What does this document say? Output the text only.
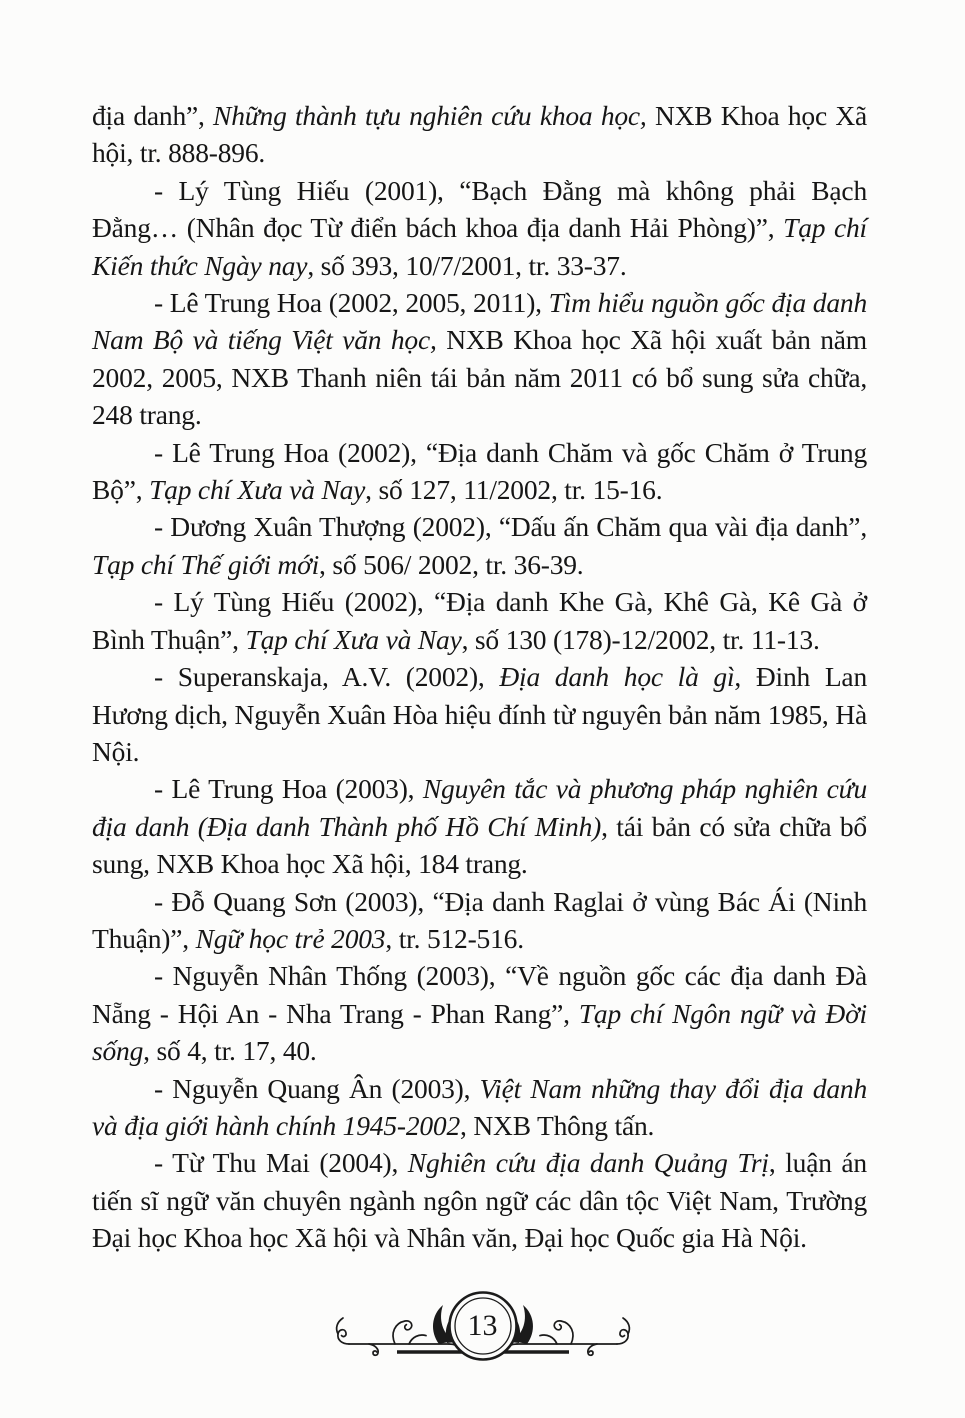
địa danh”, Những thành tựu nghiên cứu khoa học, NXB Khoa học Xã hội, tr. 888-896.

- Lý Tùng Hiếu (2001), “Bạch Đằng mà không phải Bạch Đằng… (Nhân đọc Từ điển bách khoa địa danh Hải Phòng)”, Tạp chí Kiến thức Ngày nay, số 393, 10/7/2001, tr. 33-37.

- Lê Trung Hoa (2002, 2005, 2011), Tìm hiểu nguồn gốc địa danh Nam Bộ và tiếng Việt văn học, NXB Khoa học Xã hội xuất bản năm 2002, 2005, NXB Thanh niên tái bản năm 2011 có bổ sung sửa chữa, 248 trang.

- Lê Trung Hoa (2002), “Địa danh Chăm và gốc Chăm ở Trung Bộ”, Tạp chí Xưa và Nay, số 127, 11/2002, tr. 15-16.

- Dương Xuân Thượng (2002), “Dấu ấn Chăm qua vài địa danh”, Tạp chí Thế giới mới, số 506/ 2002, tr. 36-39.

- Lý Tùng Hiếu (2002), “Địa danh Khe Gà, Khê Gà, Kê Gà ở Bình Thuận”, Tạp chí Xưa và Nay, số 130 (178)-12/2002, tr. 11-13.

- Superanskaja, A.V. (2002), Địa danh học là gì, Đinh Lan Hương dịch, Nguyễn Xuân Hòa hiệu đính từ nguyên bản năm 1985, Hà Nội.

- Lê Trung Hoa (2003), Nguyên tắc và phương pháp nghiên cứu địa danh (Địa danh Thành phố Hồ Chí Minh), tái bản có sửa chữa bổ sung, NXB Khoa học Xã hội, 184 trang.

- Đỗ Quang Sơn (2003), “Địa danh Raglai ở vùng Bác Ái (Ninh Thuận)”, Ngữ học trẻ 2003, tr. 512-516.

- Nguyễn Nhân Thống (2003), “Về nguồn gốc các địa danh Đà Nẵng - Hội An - Nha Trang - Phan Rang”, Tạp chí Ngôn ngữ và Đời sống, số 4, tr. 17, 40.

- Nguyễn Quang Ân (2003), Việt Nam những thay đổi địa danh và địa giới hành chính 1945-2002, NXB Thông tấn.

- Từ Thu Mai (2004), Nghiên cứu địa danh Quảng Trị, luận án tiến sĩ ngữ văn chuyên ngành ngôn ngữ các dân tộc Việt Nam, Trường Đại học Khoa học Xã hội và Nhân văn, Đại học Quốc gia Hà Nội.

13
